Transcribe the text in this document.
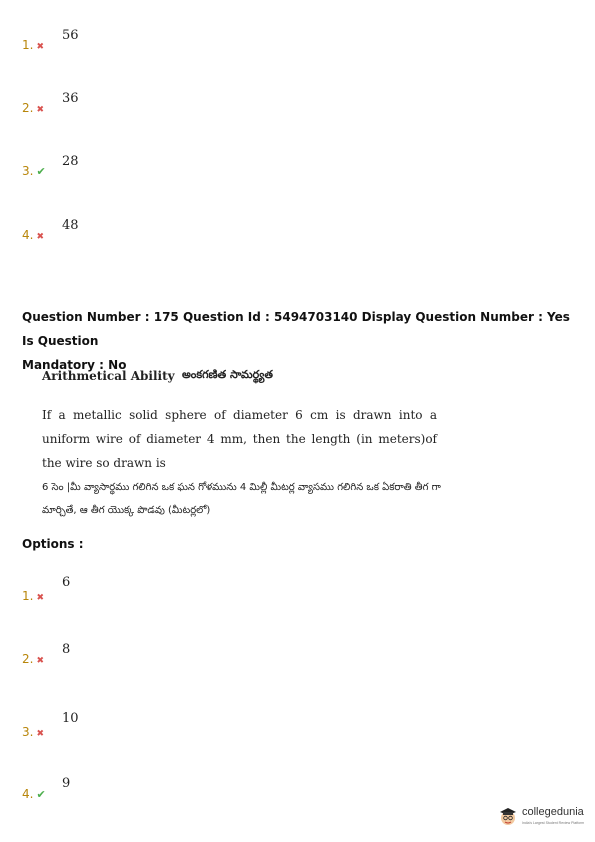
1. ✖
56
2. ✖
36
3. ✔
28
4. ✖
48
Question Number : 175 Question Id : 5494703140 Display Question Number : Yes Is Question
Mandatory : No
Arithmetical Ability అంకగణిత సామర్థ్యత
If a metallic solid sphere of diameter 6 cm is drawn into a uniform wire of diameter 4 mm, then the length (in meters)of the wire so drawn is
6 సెం |మీ వ్యాసార్థము గలిగిన ఒక ఘన గోళమును 4 మిల్లీ మీటర్ల వ్యాసము గలిగిన ఒక ఏకరాతి తీగ గా మార్చితే, ఆ తీగ యొక్క పొడవు (మీటర్లలో)
Options :
1. ✖
6
2. ✖
8
3. ✖
10
4. ✔
9
collegedunia
India's Largest Student Review Platform
